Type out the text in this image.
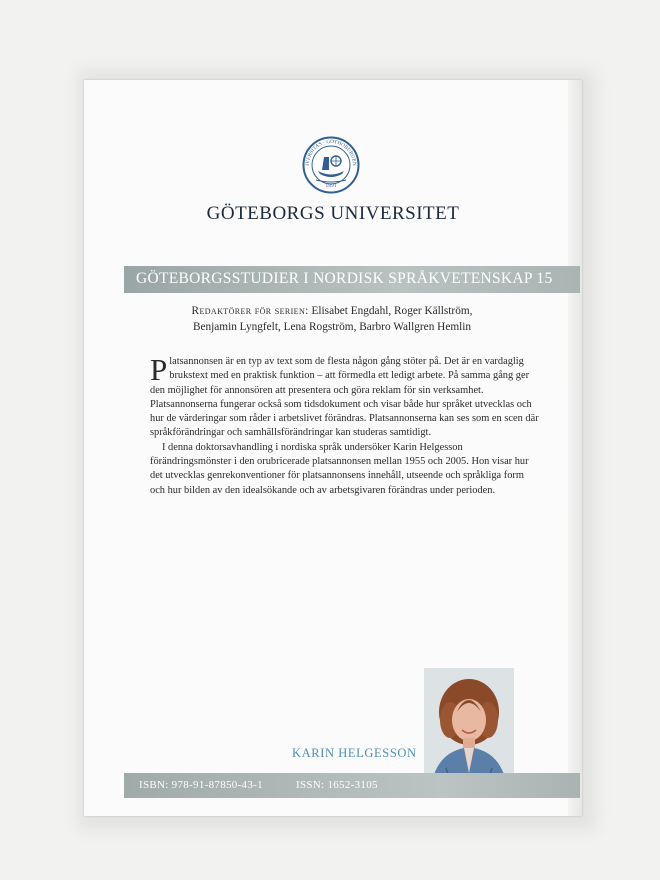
IVERSITAS · GOTHOBURGEN
1891
GÖTEBORGS UNIVERSITET
GÖTEBORGSSTUDIER I NORDISK SPRÅKVETENSKAP 15
Redaktörer för serien: Elisabet Engdahl, Roger Källström,
Benjamin Lyngfelt, Lena Rogström, Barbro Wallgren Hemlin

Platsannonsen är en typ av text som de flesta någon gång stöter på. Det är en vardaglig brukstext med en praktisk funktion – att förmedla ett ledigt arbete. På samma gång ger den möjlighet för annonsören att presentera och göra reklam för sin verksamhet. Platsannonserna fungerar också som tidsdokument och visar både hur språket utvecklas och hur de värderingar som råder i arbetslivet förändras. Platsannonserna kan ses som en scen där språkförändringar och samhällsförändringar kan studeras samtidigt.

I denna doktorsavhandling i nordiska språk undersöker Karin Helgesson förändringsmönster i den orubricerade platsannonsen mellan 1955 och 2005. Hon visar hur det utvecklas genrekonventioner för platsannonsens innehåll, utseende och språkliga form och hur bilden av den idealsökande och av arbetsgivaren förändras under perioden.

KARIN HELGESSON
ISBN: 978-91-87850-43-1	ISSN: 1652-3105
